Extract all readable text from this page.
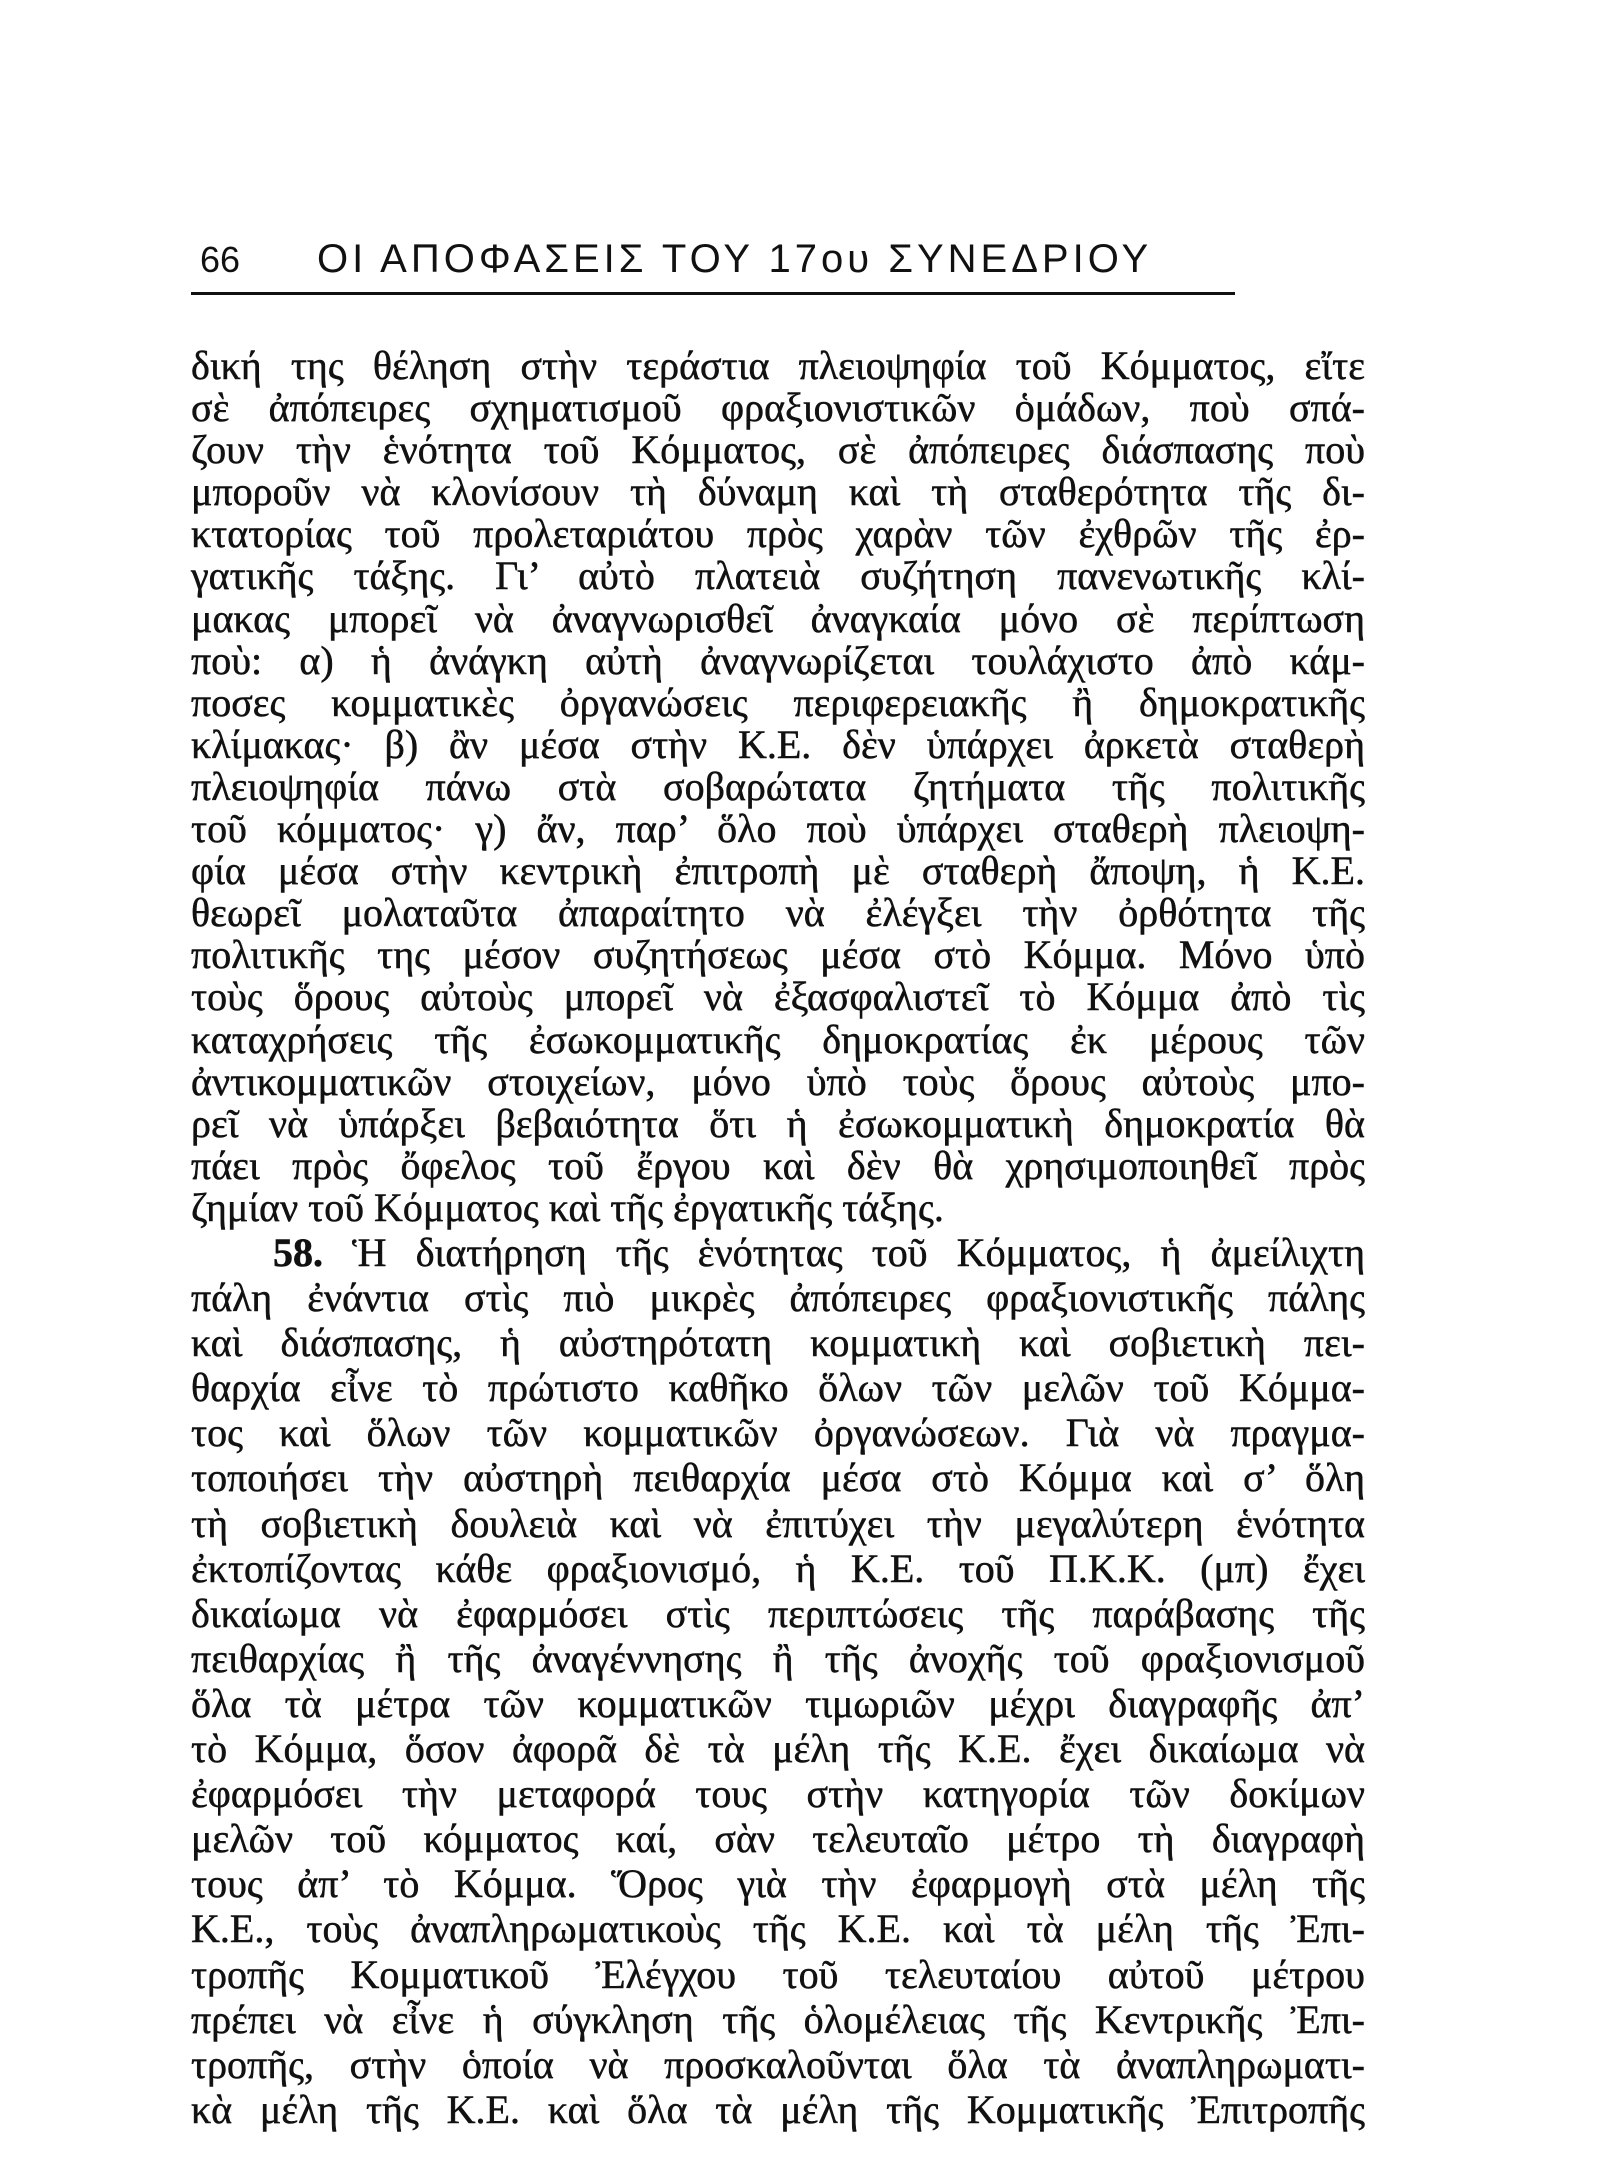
66 ΟΙ ΑΠΟΦΑΣΕΙΣ ΤΟΥ 17ου ΣΥΝΕΔΡΙΟΥ
δική της θέληση στὴν τεράστια πλειοψηφία τοῦ Κόμματος, εἴτε
σὲ ἀπόπειρες σχηματισμοῦ φραξιονιστικῶν ὁμάδων, ποὺ σπά-
ζουν τὴν ἑνότητα τοῦ Κόμματος, σὲ ἀπόπειρες διάσπασης ποὺ
μποροῦν νὰ κλονίσουν τὴ δύναμη καὶ τὴ σταθερότητα τῆς δι-
κτατορίας τοῦ προλεταριάτου πρὸς χαρὰν τῶν ἐχθρῶν τῆς ἐρ-
γατικῆς τάξης. Γι’ αὐτὸ πλατειὰ συζήτηση πανενωτικῆς κλί-
μακας μπορεῖ νὰ ἀναγνωρισθεῖ ἀναγκαία μόνο σὲ περίπτωση
ποὺ: α) ἡ ἀνάγκη αὐτὴ ἀναγνωρίζεται τουλάχιστο ἀπὸ κάμ-
ποσες κομματικὲς ὀργανώσεις περιφερειακῆς ἢ δημοκρατικῆς
κλίμακας· β) ἂν μέσα στὴν Κ.Ε. δὲν ὑπάρχει ἀρκετὰ σταθερὴ
πλειοψηφία πάνω στὰ σοβαρώτατα ζητήματα τῆς πολιτικῆς
τοῦ κόμματος· γ) ἄν, παρ’ ὅλο ποὺ ὑπάρχει σταθερὴ πλειοψη-
φία μέσα στὴν κεντρικὴ ἐπιτροπὴ μὲ σταθερὴ ἄποψη, ἡ Κ.Ε.
θεωρεῖ μολαταῦτα ἀπαραίτητο νὰ ἐλέγξει τὴν ὀρθότητα τῆς
πολιτικῆς της μέσον συζητήσεως μέσα στὸ Κόμμα. Μόνο ὑπὸ
τοὺς ὅρους αὐτοὺς μπορεῖ νὰ ἐξασφαλιστεῖ τὸ Κόμμα ἀπὸ τὶς
καταχρήσεις τῆς ἐσωκομματικῆς δημοκρατίας ἐκ μέρους τῶν
ἀντικομματικῶν στοιχείων, μόνο ὑπὸ τοὺς ὅρους αὐτοὺς μπο-
ρεῖ νὰ ὑπάρξει βεβαιότητα ὅτι ἡ ἐσωκομματικὴ δημοκρατία θὰ
πάει πρὸς ὄφελος τοῦ ἔργου καὶ δὲν θὰ χρησιμοποιηθεῖ πρὸς
ζημίαν τοῦ Κόμματος καὶ τῆς ἐργατικῆς τάξης.
58. Ἡ διατήρηση τῆς ἑνότητας τοῦ Κόμματος, ἡ ἀμείλιχτη
πάλη ἐνάντια στὶς πιὸ μικρὲς ἀπόπειρες φραξιονιστικῆς πάλης
καὶ διάσπασης, ἡ αὐστηρότατη κομματικὴ καὶ σοβιετικὴ πει-
θαρχία εἶνε τὸ πρώτιστο καθῆκο ὅλων τῶν μελῶν τοῦ Κόμμα-
τος καὶ ὅλων τῶν κομματικῶν ὀργανώσεων. Γιὰ νὰ πραγμα-
τοποιήσει τὴν αὐστηρὴ πειθαρχία μέσα στὸ Κόμμα καὶ σ’ ὅλη
τὴ σοβιετικὴ δουλειὰ καὶ νὰ ἐπιτύχει τὴν μεγαλύτερη ἑνότητα
ἐκτοπίζοντας κάθε φραξιονισμό, ἡ Κ.Ε. τοῦ Π.Κ.Κ. (μπ) ἔχει
δικαίωμα νὰ ἐφαρμόσει στὶς περιπτώσεις τῆς παράβασης τῆς
πειθαρχίας ἢ τῆς ἀναγέννησης ἢ τῆς ἀνοχῆς τοῦ φραξιονισμοῦ
ὅλα τὰ μέτρα τῶν κομματικῶν τιμωριῶν μέχρι διαγραφῆς ἀπ’
τὸ Κόμμα, ὅσον ἀφορᾶ δὲ τὰ μέλη τῆς Κ.Ε. ἔχει δικαίωμα νὰ
ἐφαρμόσει τὴν μεταφορά τους στὴν κατηγορία τῶν δοκίμων
μελῶν τοῦ κόμματος καί, σὰν τελευταῖο μέτρο τὴ διαγραφὴ
τους ἀπ’ τὸ Κόμμα. Ὅρος γιὰ τὴν ἐφαρμογὴ στὰ μέλη τῆς
Κ.Ε., τοὺς ἀναπληρωματικοὺς τῆς Κ.Ε. καὶ τὰ μέλη τῆς Ἐπι-
τροπῆς Κομματικοῦ Ἐλέγχου τοῦ τελευταίου αὐτοῦ μέτρου
πρέπει νὰ εἶνε ἡ σύγκληση τῆς ὁλομέλειας τῆς Κεντρικῆς Ἐπι-
τροπῆς, στὴν ὁποία νὰ προσκαλοῦνται ὅλα τὰ ἀναπληρωματι-
κὰ μέλη τῆς Κ.Ε. καὶ ὅλα τὰ μέλη τῆς Κομματικῆς Ἐπιτροπῆς
